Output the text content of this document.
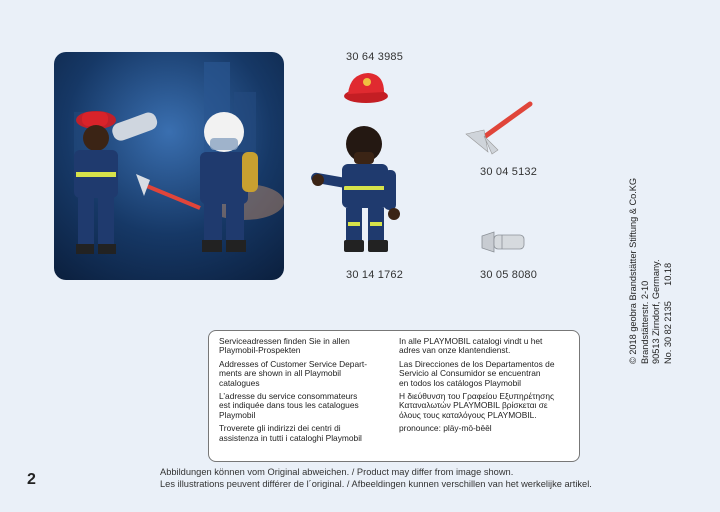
30 64 3985
30 14 1762
30 04 5132
30 05 8080

Serviceadressen finden Sie in allen
Playmobil-Prospekten

Addresses of Customer Service Depart-
ments are shown in all Playmobil
catalogues

L’adresse du service consommateurs
est indiquée dans tous les catalogues
Playmobil

Troverete gli indirizzi dei centri di
assistenza in tutti i cataloghi Playmobil

In alle PLAYMOBIL catalogi vindt u het
adres van onze klantendienst.

Las Direcciones de los Departamentos de
Servicio al Consumidor se encuentran
en todos los catálogos Playmobil

Η διεύθυνση του Γραφείου Εξυπηρέτησης
Καταναλωτών PLAYMOBIL βρίσκεται σε
όλους τους καταλόγους PLAYMOBIL.

pronounce: pläy-mō-bēēl

© 2018 geobra Brandstätter Stiftung & Co.KG Brandstätterstr. 2-10 90513 Zirndorf, Germany. No. 30 82 2135      10.18
2	Abbildungen können vom Original abweichen. / Product may differ from image shown.
Les illustrations peuvent différer de l´original. / Afbeeldingen kunnen verschillen van het werkelijke artikel.
